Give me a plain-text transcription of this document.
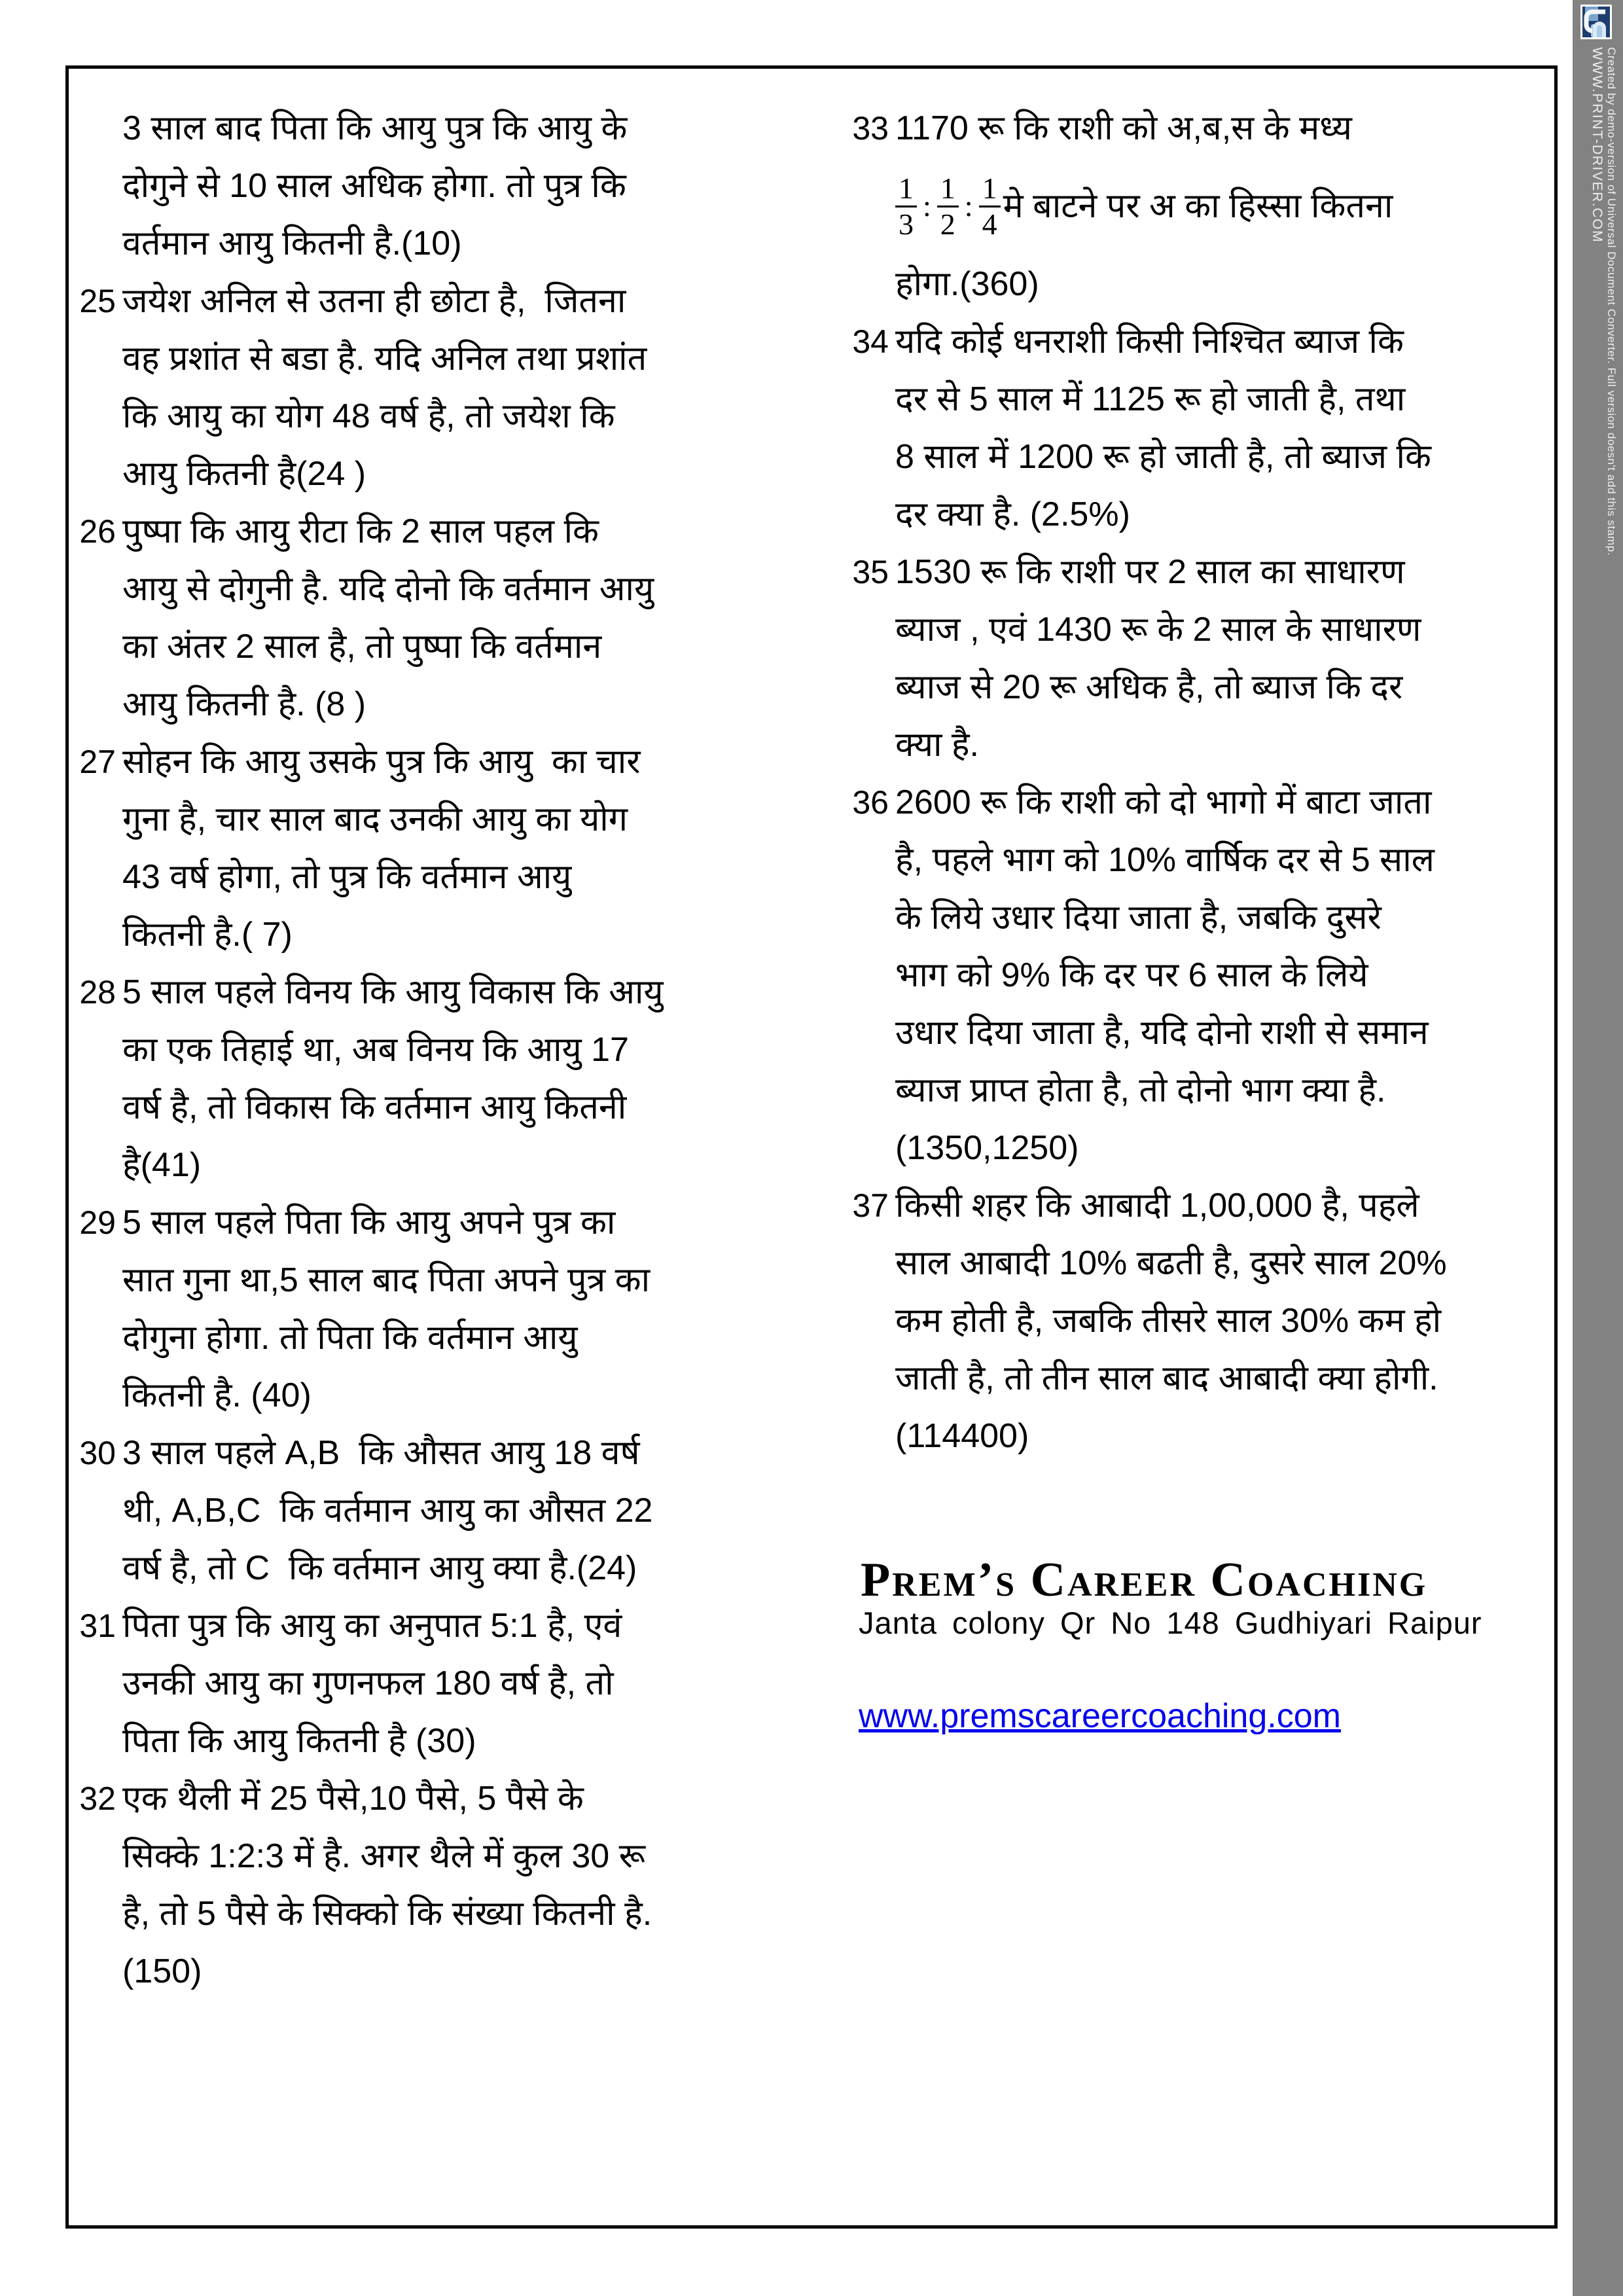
3 साल बाद पिता कि आयु पुत्र कि आयु के
दोगुने से 10 साल अधिक होगा. तो पुत्र कि
वर्तमान आयु कितनी है.(10)
25 जयेश अनिल से उतना ही छोटा है,  जितना
वह प्रशांत से बडा है. यदि अनिल तथा प्रशांत
कि आयु का योग 48 वर्ष है, तो जयेश कि
आयु कितनी है(24 )
26 पुष्पा कि आयु रीटा कि 2 साल पहल कि
आयु से दोगुनी है. यदि दोनो कि वर्तमान आयु
का अंतर 2 साल है, तो पुष्पा कि वर्तमान
आयु कितनी है. (8 )
27 सोहन कि आयु उसके पुत्र कि आयु  का चार
गुना है, चार साल बाद उनकी आयु का योग
43 वर्ष होगा, तो पुत्र कि वर्तमान आयु
कितनी है.( 7)
28 5 साल पहले विनय कि आयु विकास कि आयु
का एक तिहाई था, अब विनय कि आयु 17
वर्ष है, तो विकास कि वर्तमान आयु कितनी
है(41)
29 5 साल पहले पिता कि आयु अपने पुत्र का
सात गुना था,5 साल बाद पिता अपने पुत्र का
दोगुना होगा. तो पिता कि वर्तमान आयु
कितनी है. (40)
30 3 साल पहले A,B  कि औसत आयु 18 वर्ष
थी, A,B,C  कि वर्तमान आयु का औसत 22
वर्ष है, तो C  कि वर्तमान आयु क्या है.(24)
31 पिता पुत्र कि आयु का अनुपात 5:1 है, एवं
उनकी आयु का गुणनफल 180 वर्ष है, तो
पिता कि आयु कितनी है (30)
32 एक थैली में 25 पैसे,10 पैसे, 5 पैसे के
सिक्के 1:2:3 में है. अगर थैले में कुल 30 रू
है, तो 5 पैसे के सिक्को कि संख्या कितनी है.
(150)
33 1170 रू कि राशी को अ,ब,स के मध्य
$\frac{1}{3}$ : $\frac{1}{2}$ : $\frac{1}{4}$ मे बाटने पर अ का हिस्सा कितना
होगा.(360)
34 यदि कोई धनराशी किसी निश्चित ब्याज कि
दर से 5 साल में 1125 रू हो जाती है, तथा
8 साल में 1200 रू हो जाती है, तो ब्याज कि
दर क्या है. (2.5%)
35 1530 रू कि राशी पर 2 साल का साधारण
ब्याज , एवं 1430 रू के 2 साल के साधारण
ब्याज से 20 रू अधिक है, तो ब्याज कि दर
क्या है.
36 2600 रू कि राशी को दो भागो में बाटा जाता
है, पहले भाग को 10% वार्षिक दर से 5 साल
के लिये उधार दिया जाता है, जबकि दुसरे
भाग को 9% कि दर पर 6 साल के लिये
उधार दिया जाता है, यदि दोनो राशी से समान
ब्याज प्राप्त होता है, तो दोनो भाग क्या है.
(1350,1250)
37 किसी शहर कि आबादी 1,00,000 है, पहले
साल आबादी 10% बढती है, दुसरे साल 20%
कम होती है, जबकि तीसरे साल 30% कम हो
जाती है, तो तीन साल बाद आबादी क्या होगी.
(114400)
Prem’s Career Coaching
Janta colony Qr No 148 Gudhiyari Raipur
www.premscareercoaching.com
Created by demo-version of Universal Document Converter. Full version doesn't add this stamp.
WWW.PRINT-DRIVER.COM
